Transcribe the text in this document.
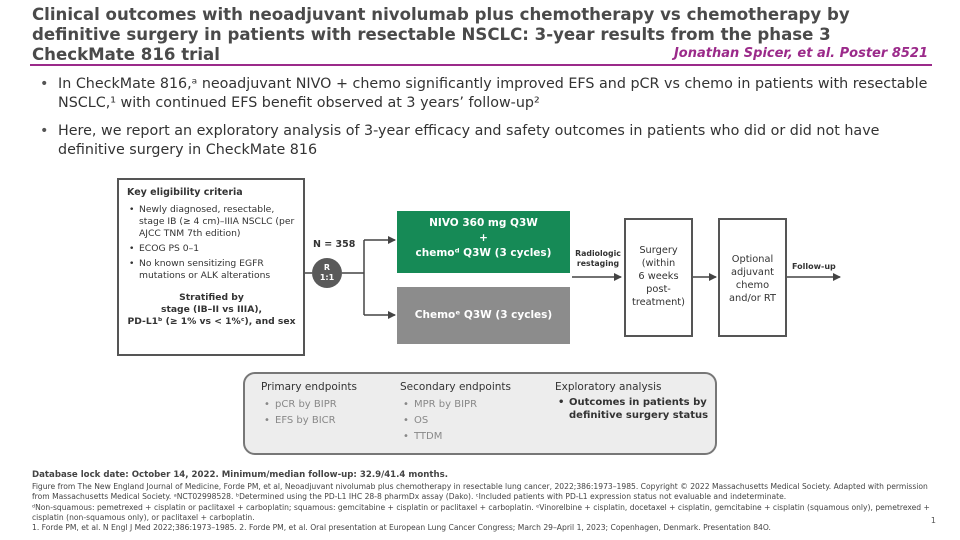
Clinical outcomes with neoadjuvant nivolumab plus chemotherapy vs chemotherapy by definitive surgery in patients with resectable NSCLC: 3-year results from the phase 3 CheckMate 816 trial	Jonathan Spicer, et al. Poster 8521
• In CheckMate 816,ᵃ neoadjuvant NIVO + chemo significantly improved EFS and pCR vs chemo in patients with resectable NSCLC,¹ with continued EFS benefit observed at 3 years’ follow-up²
• Here, we report an exploratory analysis of 3-year efficacy and safety outcomes in patients who did or did not have definitive surgery in CheckMate 816
Key eligibility criteria
• Newly diagnosed, resectable, stage IB (≥ 4 cm)–IIIA NSCLC (per AJCC TNM 7th edition)
• ECOG PS 0–1
• No known sensitizing EGFR mutations or ALK alterations
Stratified by
stage (IB–II vs IIIA),
PD-L1ᵇ (≥ 1% vs < 1%ᶜ), and sex
N = 358
R
1:1
NIVO 360 mg Q3W
+
chemoᵈ Q3W (3 cycles)
Chemoᵉ Q3W (3 cycles)
Radiologic restaging
Surgery
(within
6 weeks
post-
treatment)
Optional
adjuvant
chemo
and/or RT
Follow-up
Primary endpoints
• pCR by BIPR
• EFS by BICR
Secondary endpoints
• MPR by BIPR
• OS
• TTDM
Exploratory analysis
• Outcomes in patients by definitive surgery status
Database lock date: October 14, 2022. Minimum/median follow-up: 32.9/41.4 months.
Figure from The New England Journal of Medicine, Forde PM, et al, Neoadjuvant nivolumab plus chemotherapy in resectable lung cancer, 2022;386:1973–1985. Copyright © 2022 Massachusetts Medical Society. Adapted with permission from Massachusetts Medical Society. ᵃNCT02998528. ᵇDetermined using the PD-L1 IHC 28-8 pharmDx assay (Dako). ᶜIncluded patients with PD-L1 expression status not evaluable and indeterminate.
ᵈNon-squamous: pemetrexed + cisplatin or paclitaxel + carboplatin; squamous: gemcitabine + cisplatin or paclitaxel + carboplatin. ᵉVinorelbine + cisplatin, docetaxel + cisplatin, gemcitabine + cisplatin (squamous only), pemetrexed + cisplatin (non-squamous only), or paclitaxel + carboplatin.
1. Forde PM, et al. N Engl J Med 2022;386:1973–1985. 2. Forde PM, et al. Oral presentation at European Lung Cancer Congress; March 29–April 1, 2023; Copenhagen, Denmark. Presentation 84O.
1
